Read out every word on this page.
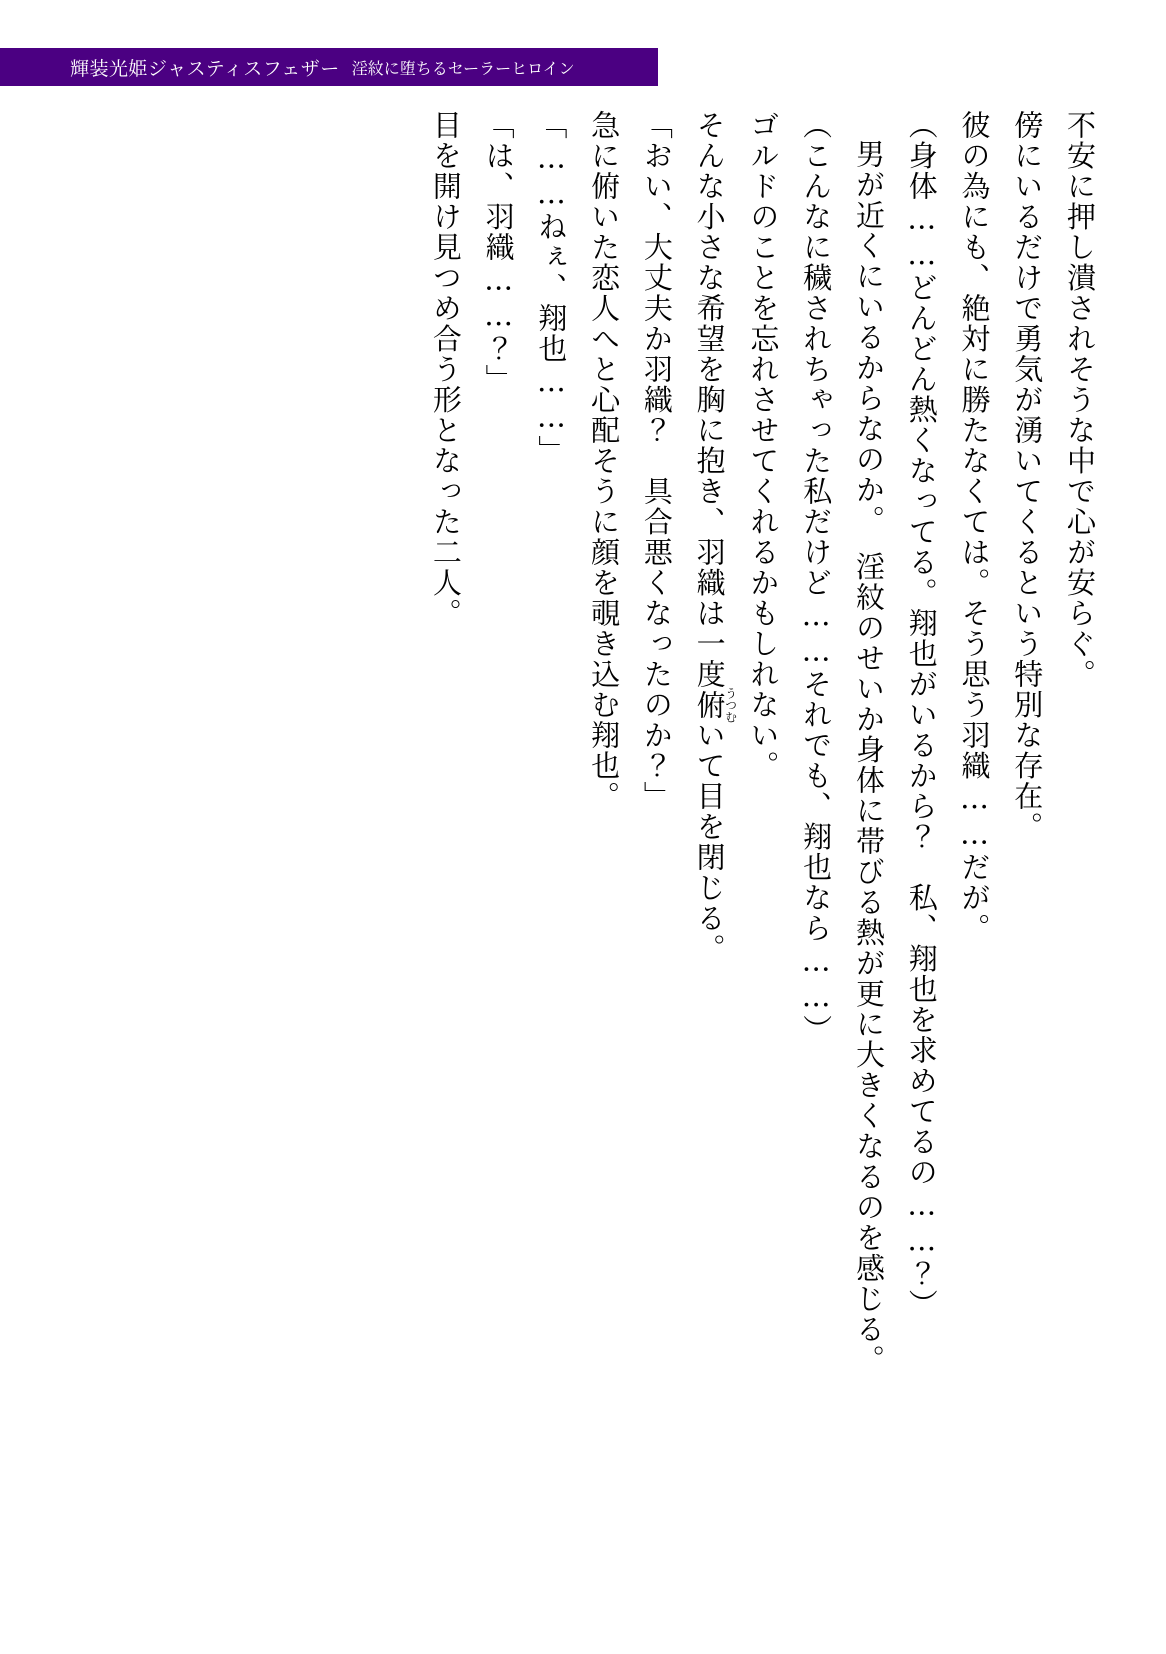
輝装光姫ジャスティスフェザー 淫紋に堕ちるセーラーヒロイン

不安に押し潰されそうな中で心が安らぐ。

傍にいるだけで勇気が湧いてくるという特別な存在。

彼の為にも、絶対に勝たなくては。そう思う羽織……だが。

（身体……どんどん熱くなってる。翔也がいるから？　私、翔也を求めてるの……？）

男が近くにいるからなのか。　淫紋のせいか身体に帯びる熱が更に大きくなるのを感じる。

（こんなに穢されちゃった私だけど……それでも、翔也なら……）

ゴルドのことを忘れさせてくれるかもしれない。

そんな小さな希望を胸に抱き、羽織は一度俯うつむいて目を閉じる。

「おい、大丈夫か羽織？　具合悪くなったのか？」

急に俯いた恋人へと心配そうに顔を覗き込む翔也。

「……ねぇ、翔也……」

「は、羽織……？」

目を開け見つめ合う形となった二人。
